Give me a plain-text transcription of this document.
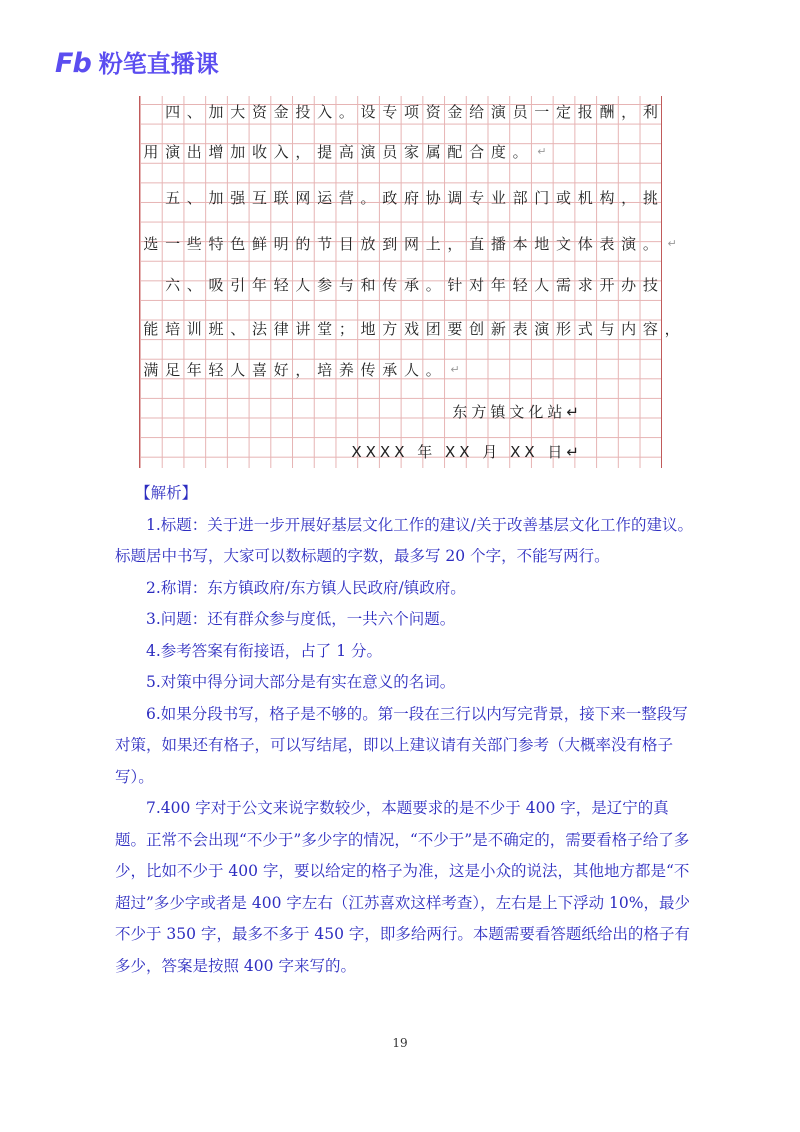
Fb 粉笔直播课

四 、 加 大 资 金 投 入 。 设 专 项 资 金 给 演 员 一 定 报 酬 ， 利
用 演 出 增 加 收 入 ， 提 高 演 员 家 属 配 合 度 。 ↵

五 、 加 强 互 联 网 运 营 。 政 府 协 调 专 业 部 门 或 机 构 ， 挑
选 一 些 特 色 鲜 明 的 节 目 放 到 网 上 ， 直 播 本 地 文 体 表 演 。 ↵

六 、 吸 引 年 轻 人 参 与 和 传 承 。 针 对 年 轻 人 需 求 开 办 技
能 培 训 班 、 法 律 讲 堂 ； 地 方 戏 团 要 创 新 表 演 形 式 与 内 容 ，
满 足 年 轻 人 喜 好 ， 培 养 传 承 人 。 ↵
东方镇文化站↵
XXXX 年 XX 月 XX 日↵

【解析】

1.标题：关于进一步开展好基层文化工作的建议/关于改善基层文化工作的建议。标题居中书写，大家可以数标题的字数，最多写 20 个字，不能写两行。

2.称谓：东方镇政府/东方镇人民政府/镇政府。

3.问题：还有群众参与度低，一共六个问题。

4.参考答案有衔接语，占了 1 分。

5.对策中得分词大部分是有实在意义的名词。

6.如果分段书写，格子是不够的。第一段在三行以内写完背景，接下来一整段写对策，如果还有格子，可以写结尾，即以上建议请有关部门参考（大概率没有格子写）。

7.400 字对于公文来说字数较少，本题要求的是不少于 400 字，是辽宁的真题。正常不会出现“不少于”多少字的情况，“不少于”是不确定的，需要看格子给了多少，比如不少于 400 字，要以给定的格子为准，这是小众的说法，其他地方都是“不超过”多少字或者是 400 字左右（江苏喜欢这样考查），左右是上下浮动 10%，最少不少于 350 字，最多不多于 450 字，即多给两行。本题需要看答题纸给出的格子有多少，答案是按照 400 字来写的。

19
